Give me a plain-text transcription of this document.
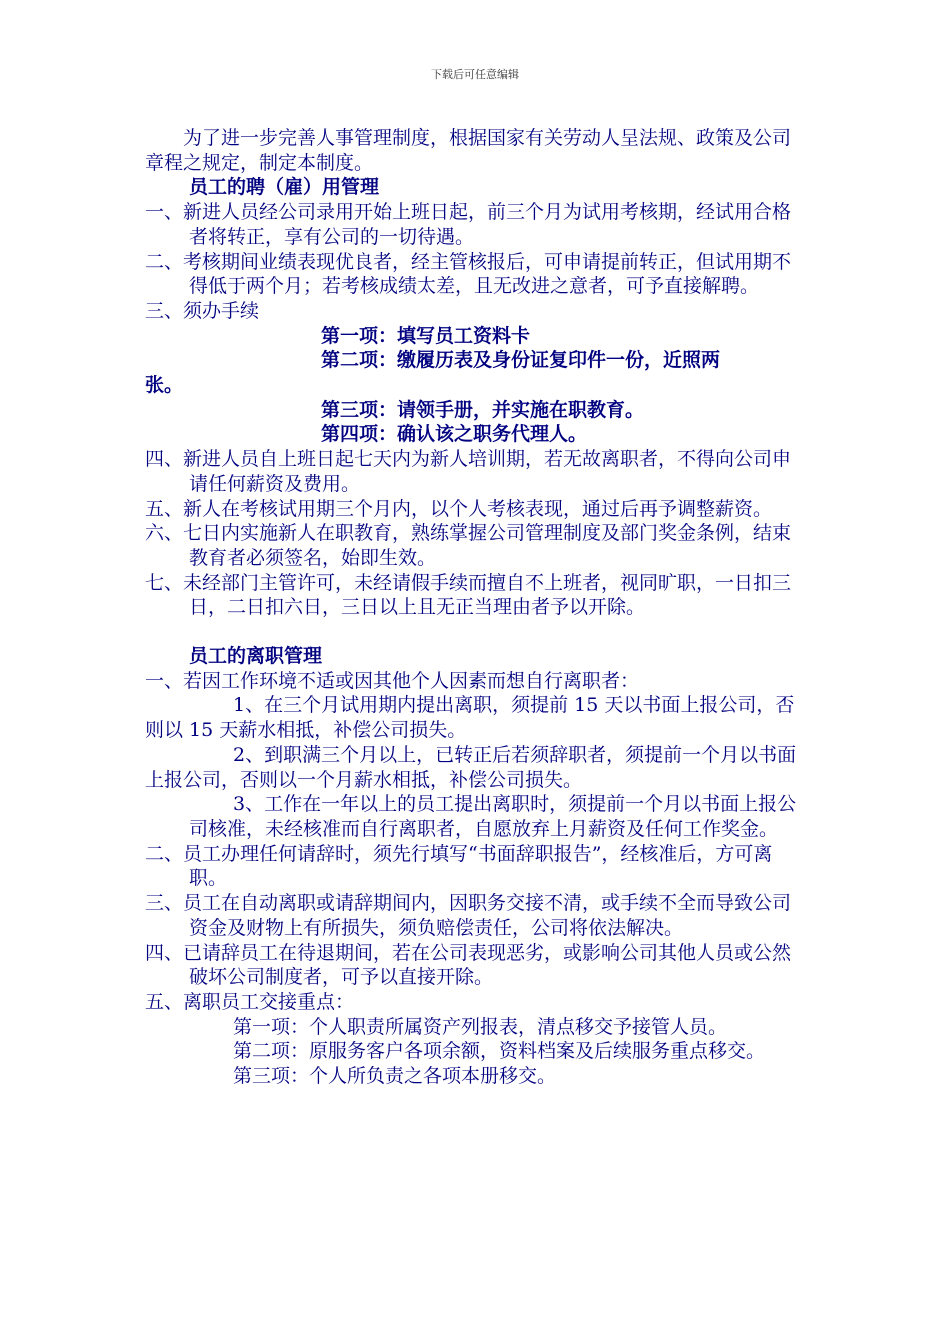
下载后可任意编辑

为了进一步完善人事管理制度，根据国家有关劳动人呈法规、政策及公司章程之规定，制定本制度。

员工的聘（雇）用管理

一、新进人员经公司录用开始上班日起，前三个月为试用考核期，经试用合格者将转正，享有公司的一切待遇。

二、考核期间业绩表现优良者，经主管核报后，可申请提前转正，但试用期不得低于两个月；若考核成绩太差，且无改进之意者，可予直接解聘。

三、须办手续

第一项：填写员工资料卡

第二项：缴履历表及身份证复印件一份，近照两

张。

第三项：请领手册，并实施在职教育。

第四项：确认该之职务代理人。

四、新进人员自上班日起七天内为新人培训期，若无故离职者，不得向公司申请任何薪资及费用。

五、新人在考核试用期三个月内，以个人考核表现，通过后再予调整薪资。

六、七日内实施新人在职教育，熟练掌握公司管理制度及部门奖金条例，结束教育者必须签名，始即生效。

七、未经部门主管许可，未经请假手续而擅自不上班者，视同旷职，一日扣三日，二日扣六日，三日以上且无正当理由者予以开除。

员工的离职管理

一、若因工作环境不适或因其他个人因素而想自行离职者：

1、在三个月试用期内提出离职，须提前 15 天以书面上报公司，否则以 15 天薪水相抵，补偿公司损失。

2、到职满三个月以上，已转正后若须辞职者，须提前一个月以书面上报公司，否则以一个月薪水相抵，补偿公司损失。

3、工作在一年以上的员工提出离职时，须提前一个月以书面上报公司核准，未经核准而自行离职者，自愿放弃上月薪资及任何工作奖金。

二、员工办理任何请辞时，须先行填写“书面辞职报告”，经核准后，方可离职。

三、员工在自动离职或请辞期间内，因职务交接不清，或手续不全而导致公司资金及财物上有所损失，须负赔偿责任，公司将依法解决。

四、已请辞员工在待退期间，若在公司表现恶劣，或影响公司其他人员或公然破坏公司制度者，可予以直接开除。

五、离职员工交接重点：

第一项：个人职责所属资产列报表，清点移交予接管人员。

第二项：原服务客户各项余额，资料档案及后续服务重点移交。

第三项：个人所负责之各项本册移交。
